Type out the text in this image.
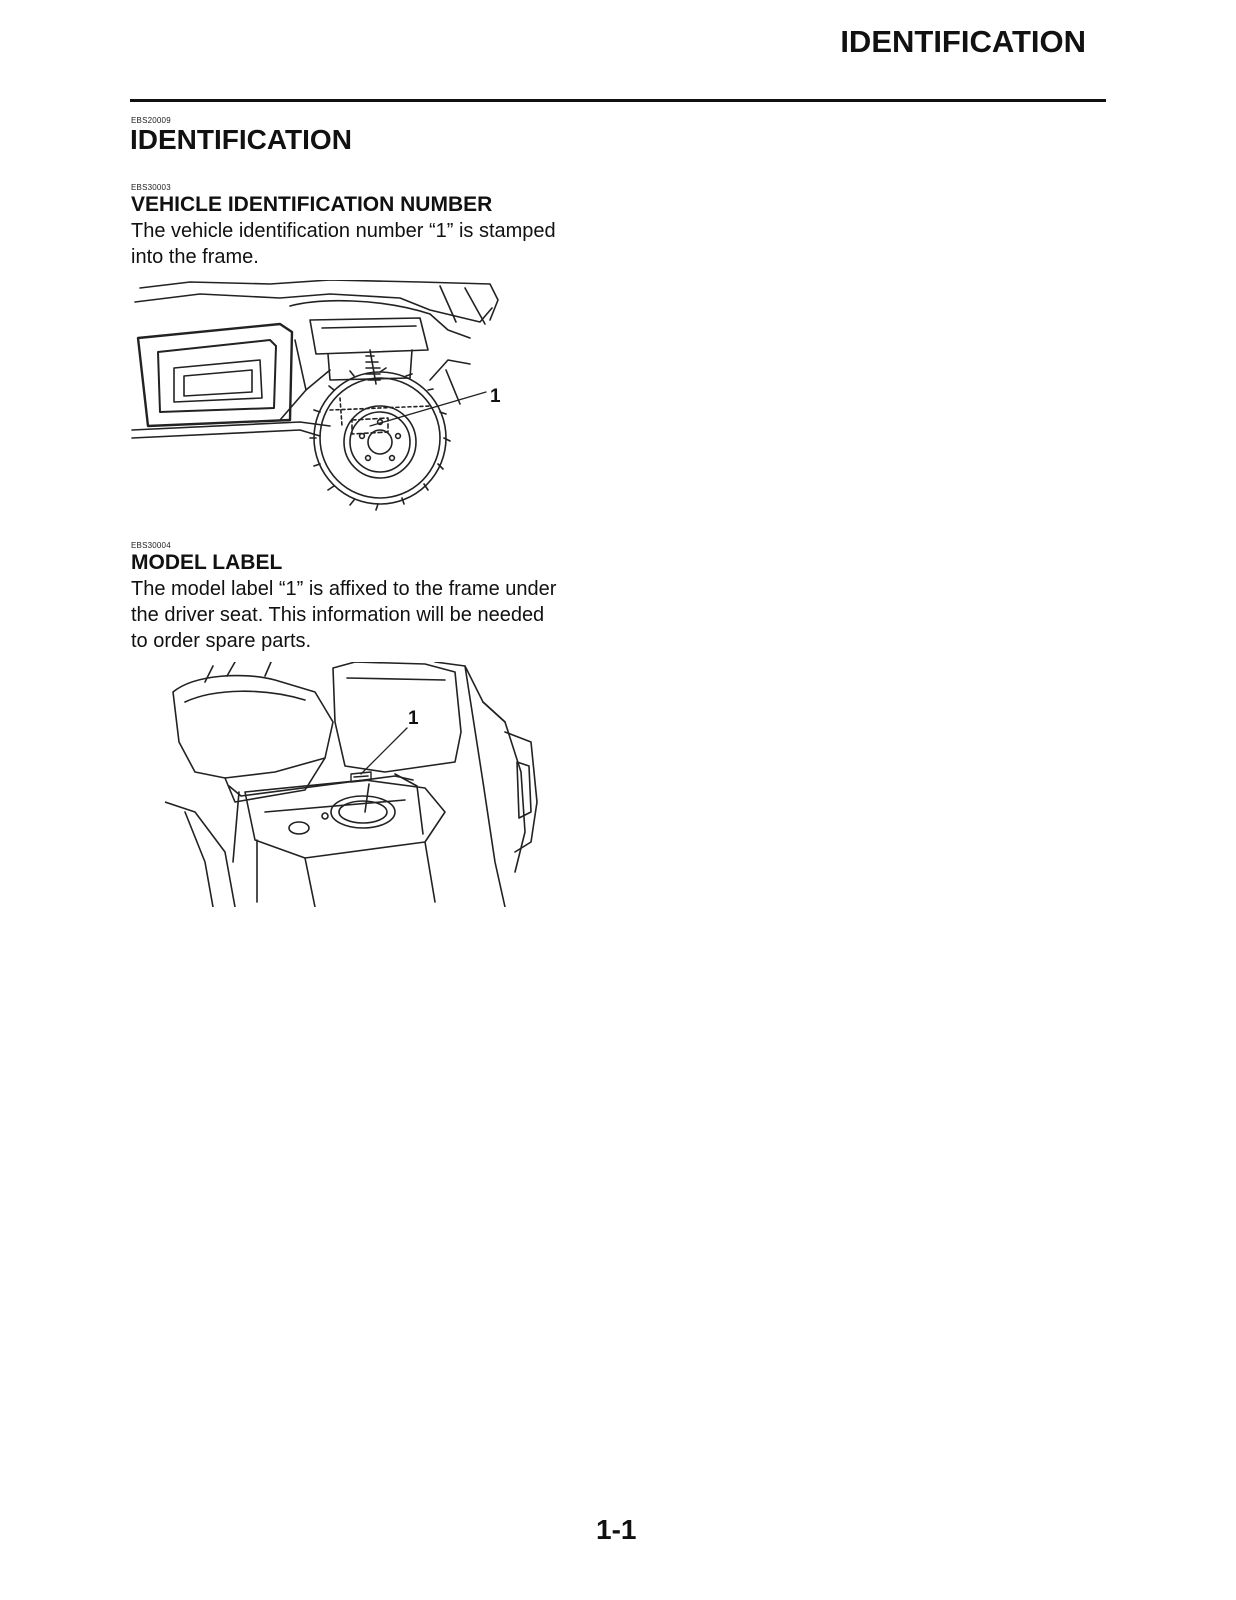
IDENTIFICATION
EBS20009
IDENTIFICATION
EBS30003
VEHICLE IDENTIFICATION NUMBER
The vehicle identification number “1” is stamped
into the frame.
1
EBS30004
MODEL LABEL
The model label “1” is affixed to the frame under
the driver seat. This information will be needed
to order spare parts.
1
1-1
